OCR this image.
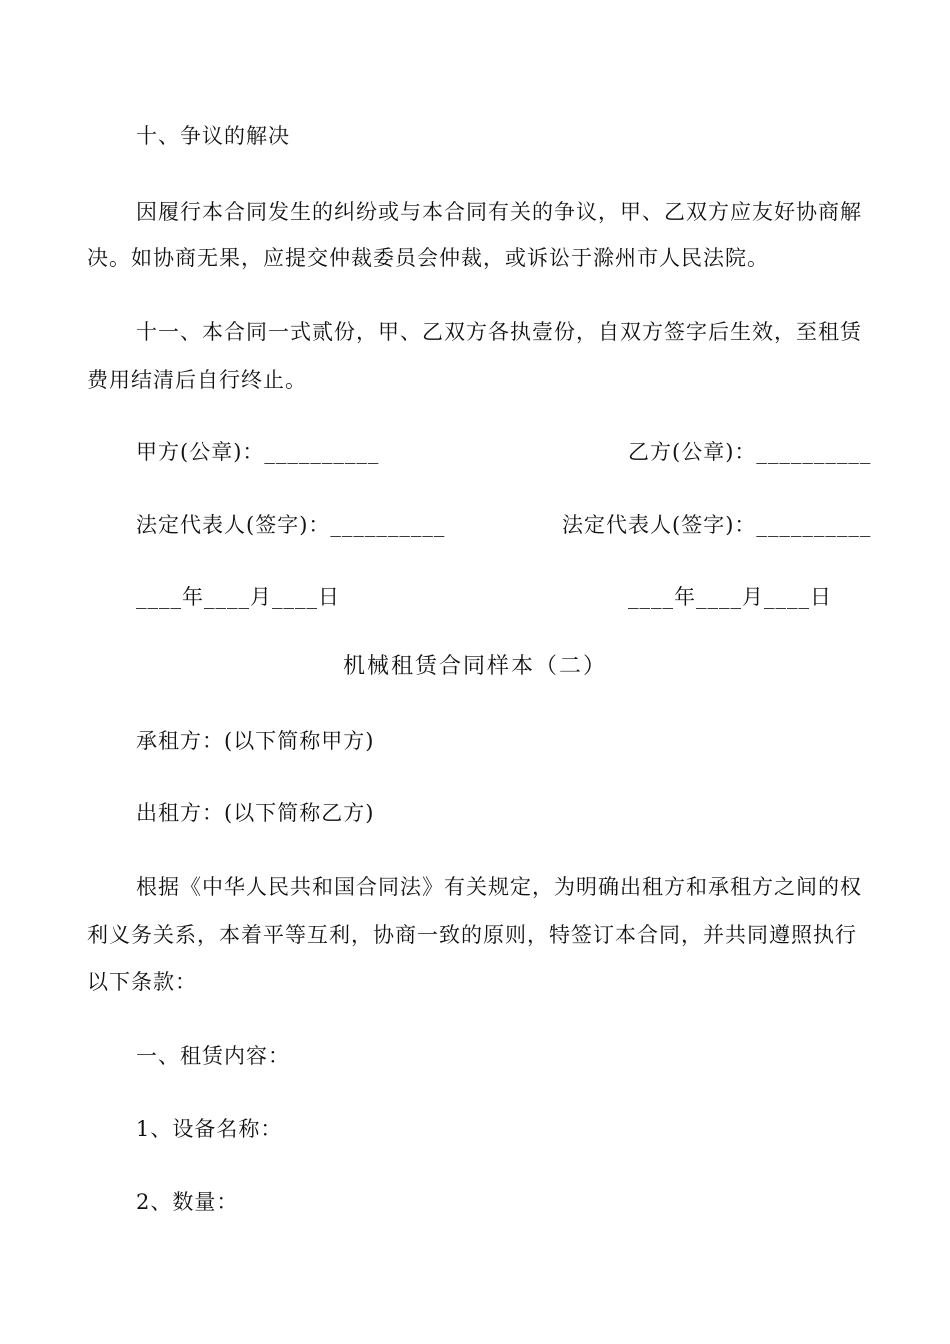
十、争议的解决
因履行本合同发生的纠纷或与本合同有关的争议，甲、乙双方应友好协商解
决。如协商无果，应提交仲裁委员会仲裁，或诉讼于滁州市人民法院。
十一、本合同一式贰份，甲、乙双方各执壹份，自双方签字后生效，至租赁
费用结清后自行终止。
甲方(公章)：__________	乙方(公章)：__________
法定代表人(签字)：__________	法定代表人(签字)：__________
____年____月____日	____年____月____日
机械租赁合同样本（二）
承租方：(以下简称甲方)
出租方：(以下简称乙方)
根据《中华人民共和国合同法》有关规定，为明确出租方和承租方之间的权
利义务关系，本着平等互利，协商一致的原则，特签订本合同，并共同遵照执行
以下条款：
一、租赁内容：
1、设备名称：
2、数量：
